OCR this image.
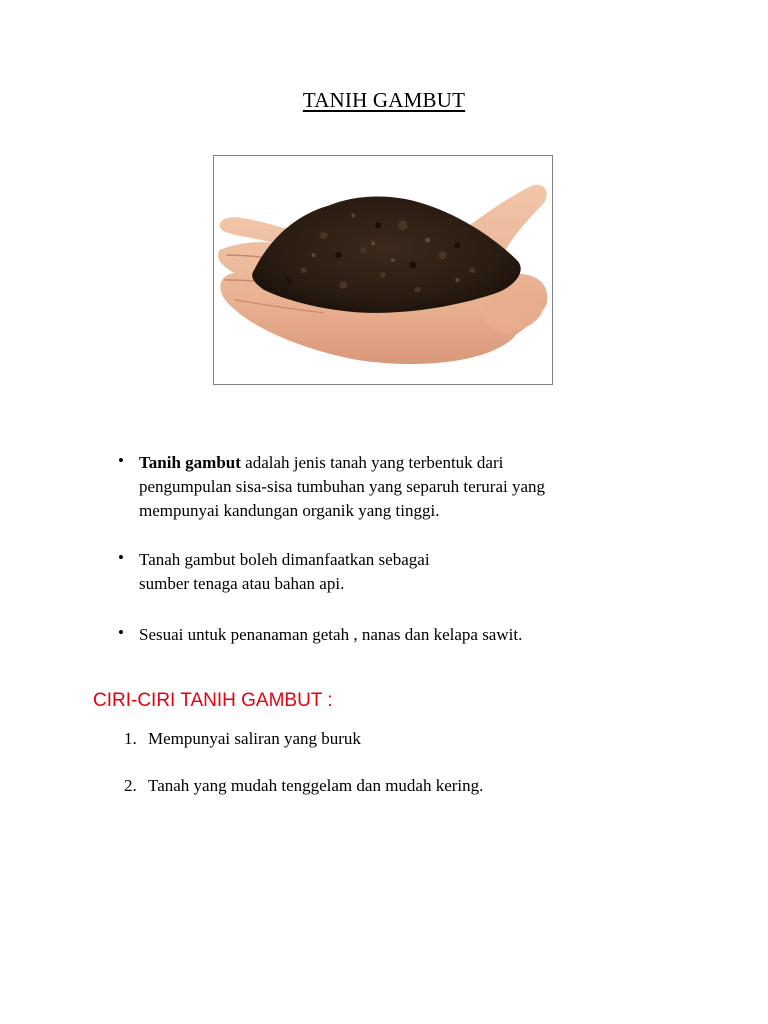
TANIH GAMBUT
• Tanih gambut adalah jenis tanah yang terbentuk dari
pengumpulan sisa-sisa tumbuhan yang separuh terurai yang
mempunyai kandungan organik yang tinggi.
• Tanah gambut boleh dimanfaatkan sebagai
sumber tenaga atau bahan api.
• Sesuai untuk penanaman getah , nanas dan kelapa sawit.
CIRI-CIRI TANIH GAMBUT :
1. Mempunyai saliran yang buruk
2. Tanah yang mudah tenggelam dan mudah kering.
